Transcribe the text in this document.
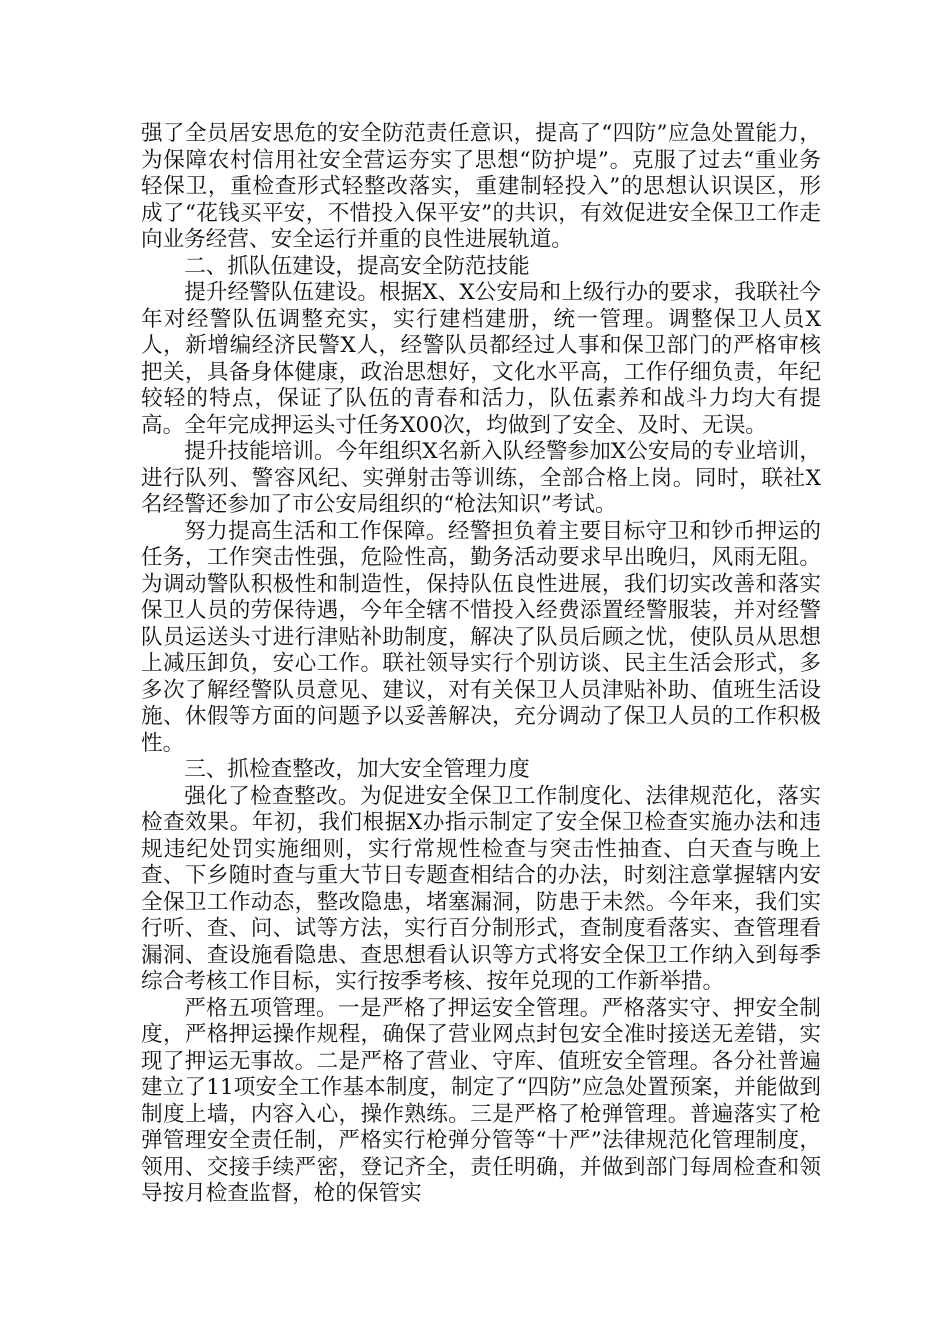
强了全员居安思危的安全防范责任意识，提高了“四防”应急处置能力，为保障农村信用社安全营运夯实了思想“防护堤”。克服了过去“重业务轻保卫，重检查形式轻整改落实，重建制轻投入”的思想认识误区，形成了“花钱买平安，不惜投入保平安”的共识，有效促进安全保卫工作走向业务经营、安全运行并重的良性进展轨道。

二、抓队伍建设，提高安全防范技能

提升经警队伍建设。根据X、X公安局和上级行办的要求，我联社今年对经警队伍调整充实，实行建档建册，统一管理。调整保卫人员X人，新增编经济民警X人，经警队员都经过人事和保卫部门的严格审核把关，具备身体健康，政治思想好，文化水平高，工作仔细负责，年纪较轻的特点，保证了队伍的青春和活力，队伍素养和战斗力均大有提高。全年完成押运头寸任务X00次，均做到了安全、及时、无误。

提升技能培训。今年组织X名新入队经警参加X公安局的专业培训，进行队列、警容风纪、实弹射击等训练，全部合格上岗。同时，联社X名经警还参加了市公安局组织的“枪法知识”考试。

努力提高生活和工作保障。经警担负着主要目标守卫和钞币押运的任务，工作突击性强，危险性高，勤务活动要求早出晚归，风雨无阻。为调动警队积极性和制造性，保持队伍良性进展，我们切实改善和落实保卫人员的劳保待遇，今年全辖不惜投入经费添置经警服装，并对经警队员运送头寸进行津贴补助制度，解决了队员后顾之忧，使队员从思想上减压卸负，安心工作。联社领导实行个别访谈、民主生活会形式，多多次了解经警队员意见、建议，对有关保卫人员津贴补助、值班生活设施、休假等方面的问题予以妥善解决，充分调动了保卫人员的工作积极性。

三、抓检查整改，加大安全管理力度

强化了检查整改。为促进安全保卫工作制度化、法律规范化，落实检查效果。年初，我们根据X办指示制定了安全保卫检查实施办法和违规违纪处罚实施细则，实行常规性检查与突击性抽查、白天查与晚上查、下乡随时查与重大节日专题查相结合的办法，时刻注意掌握辖内安全保卫工作动态，整改隐患，堵塞漏洞，防患于未然。今年来，我们实行听、查、问、试等方法，实行百分制形式，查制度看落实、查管理看漏洞、查设施看隐患、查思想看认识等方式将安全保卫工作纳入到每季综合考核工作目标，实行按季考核、按年兑现的工作新举措。

严格五项管理。一是严格了押运安全管理。严格落实守、押安全制度，严格押运操作规程，确保了营业网点封包安全准时接送无差错，实现了押运无事故。二是严格了营业、守库、值班安全管理。各分社普遍建立了11项安全工作基本制度，制定了“四防”应急处置预案，并能做到制度上墙，内容入心，操作熟练。三是严格了枪弹管理。普遍落实了枪弹管理安全责任制，严格实行枪弹分管等“十严”法律规范化管理制度，领用、交接手续严密，登记齐全，责任明确，并做到部门每周检查和领导按月检查监督，枪的保管实
